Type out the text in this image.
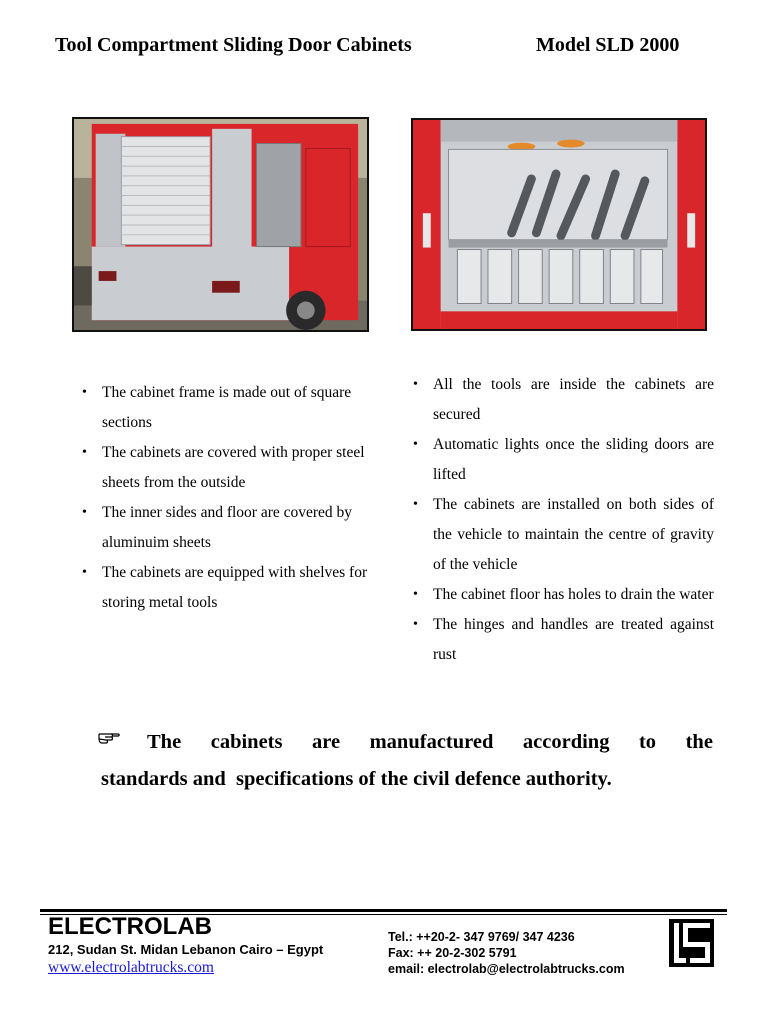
Tool Compartment Sliding Door Cabinets	Model SLD 2000
• The cabinet frame is made out of square sections
• The cabinets are covered with proper steel sheets from the outside
• The inner sides and floor are covered by aluminuim sheets
• The cabinets are equipped with shelves for storing metal tools
• All the tools are inside the cabinets are secured
• Automatic lights once the sliding doors are lifted
• The cabinets are installed on both sides of the vehicle to maintain the centre of gravity of the vehicle
• The cabinet floor has holes to drain the water
• The hinges and handles are treated against rust
The cabinets are manufactured according to the
standards and  specifications of the civil defence authority.
ELECTROLAB
212, Sudan St. Midan Lebanon Cairo – Egypt
www.electrolabtrucks.com
Tel.: ++20-2- 347 9769/ 347 4236
Fax: ++ 20-2-302 5791
email: electrolab@electrolabtrucks.com
